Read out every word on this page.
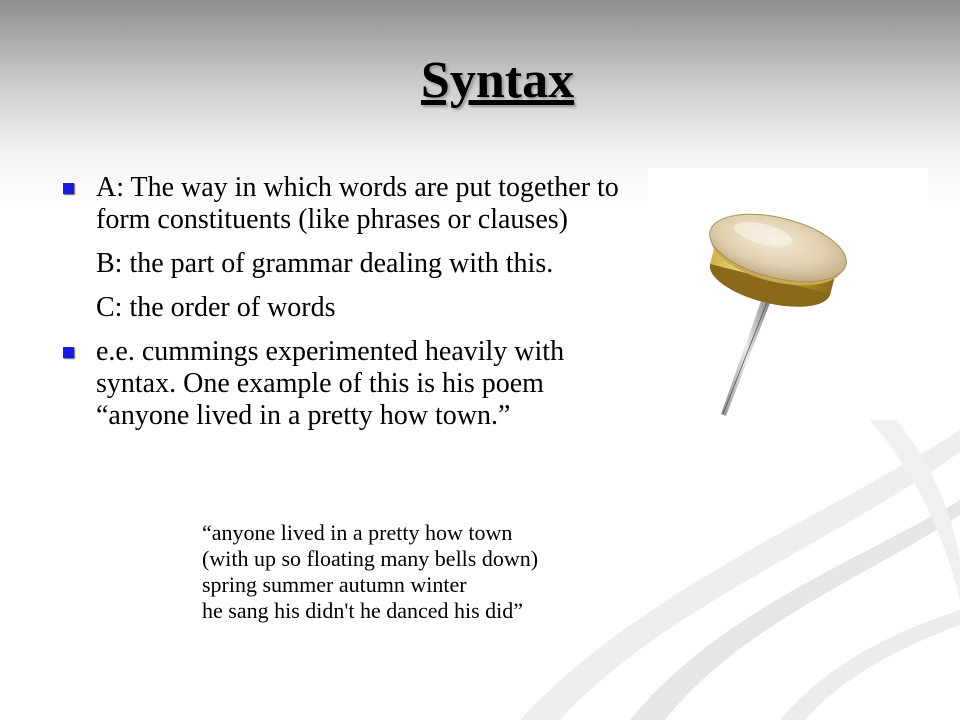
Syntax
A: The way in which words are put together to form constituents (like phrases or clauses)
B: the part of grammar dealing with this.
C: the order of words
e.e. cummings experimented heavily with syntax. One example of this is his poem “anyone lived in a pretty how town.”
“anyone lived in a pretty how town
(with up so floating many bells down)
spring summer autumn winter
he sang his didn't he danced his did”
